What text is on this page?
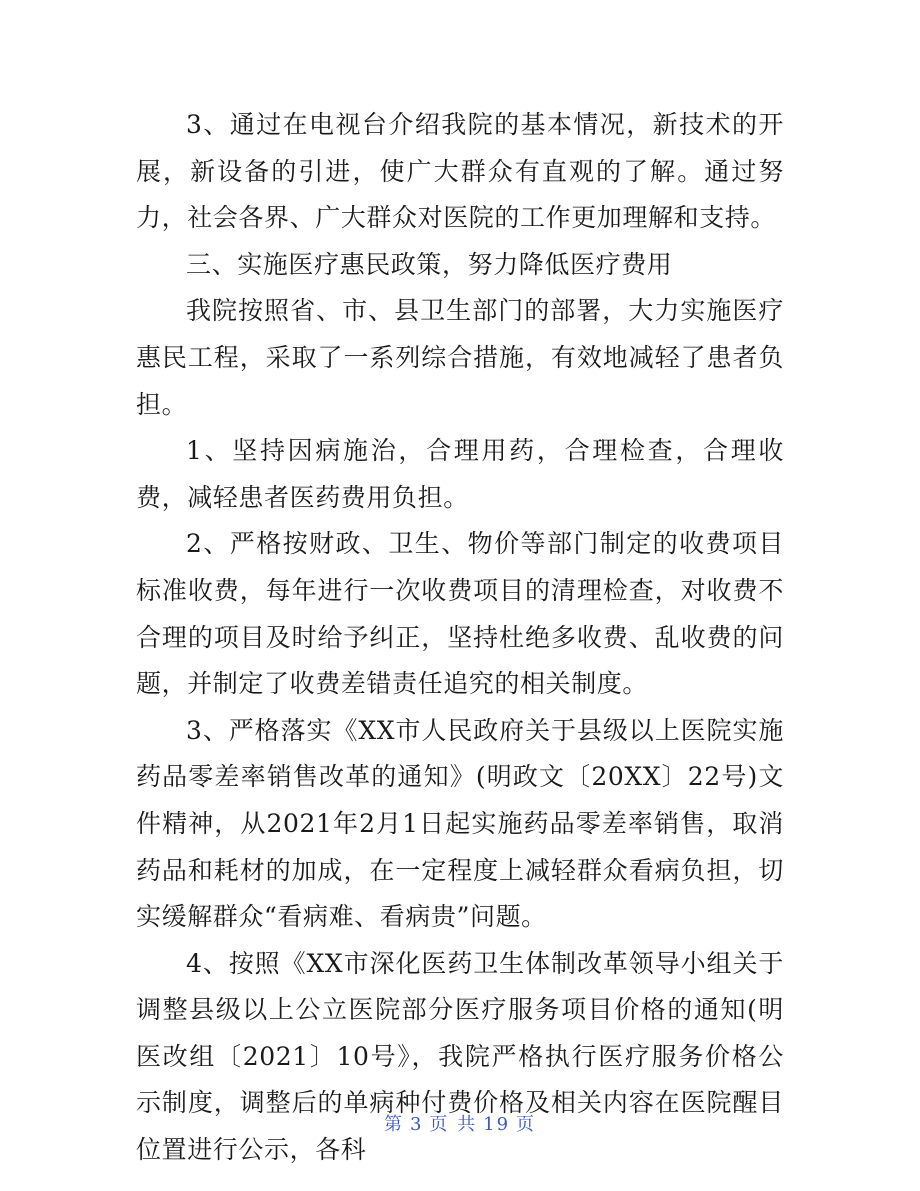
3、通过在电视台介绍我院的基本情况，新技术的开展，新设备的引进，使广大群众有直观的了解。通过努力，社会各界、广大群众对医院的工作更加理解和支持。

三、实施医疗惠民政策，努力降低医疗费用

我院按照省、市、县卫生部门的部署，大力实施医疗惠民工程，采取了一系列综合措施，有效地减轻了患者负担。

1、坚持因病施治，合理用药，合理检查，合理收费，减轻患者医药费用负担。

2、严格按财政、卫生、物价等部门制定的收费项目标准收费，每年进行一次收费项目的清理检查，对收费不合理的项目及时给予纠正，坚持杜绝多收费、乱收费的问题，并制定了收费差错责任追究的相关制度。

3、严格落实《XX市人民政府关于县级以上医院实施药品零差率销售改革的通知》(明政文〔20XX〕22号)文件精神，从2021年2月1日起实施药品零差率销售，取消药品和耗材的加成，在一定程度上减轻群众看病负担，切实缓解群众“看病难、看病贵”问题。

4、按照《XX市深化医药卫生体制改革领导小组关于调整县级以上公立医院部分医疗服务项目价格的通知(明医改组〔2021〕10号》，我院严格执行医疗服务价格公示制度，调整后的单病种付费价格及相关内容在医院醒目位置进行公示，各科

第 3 页 共 19 页
